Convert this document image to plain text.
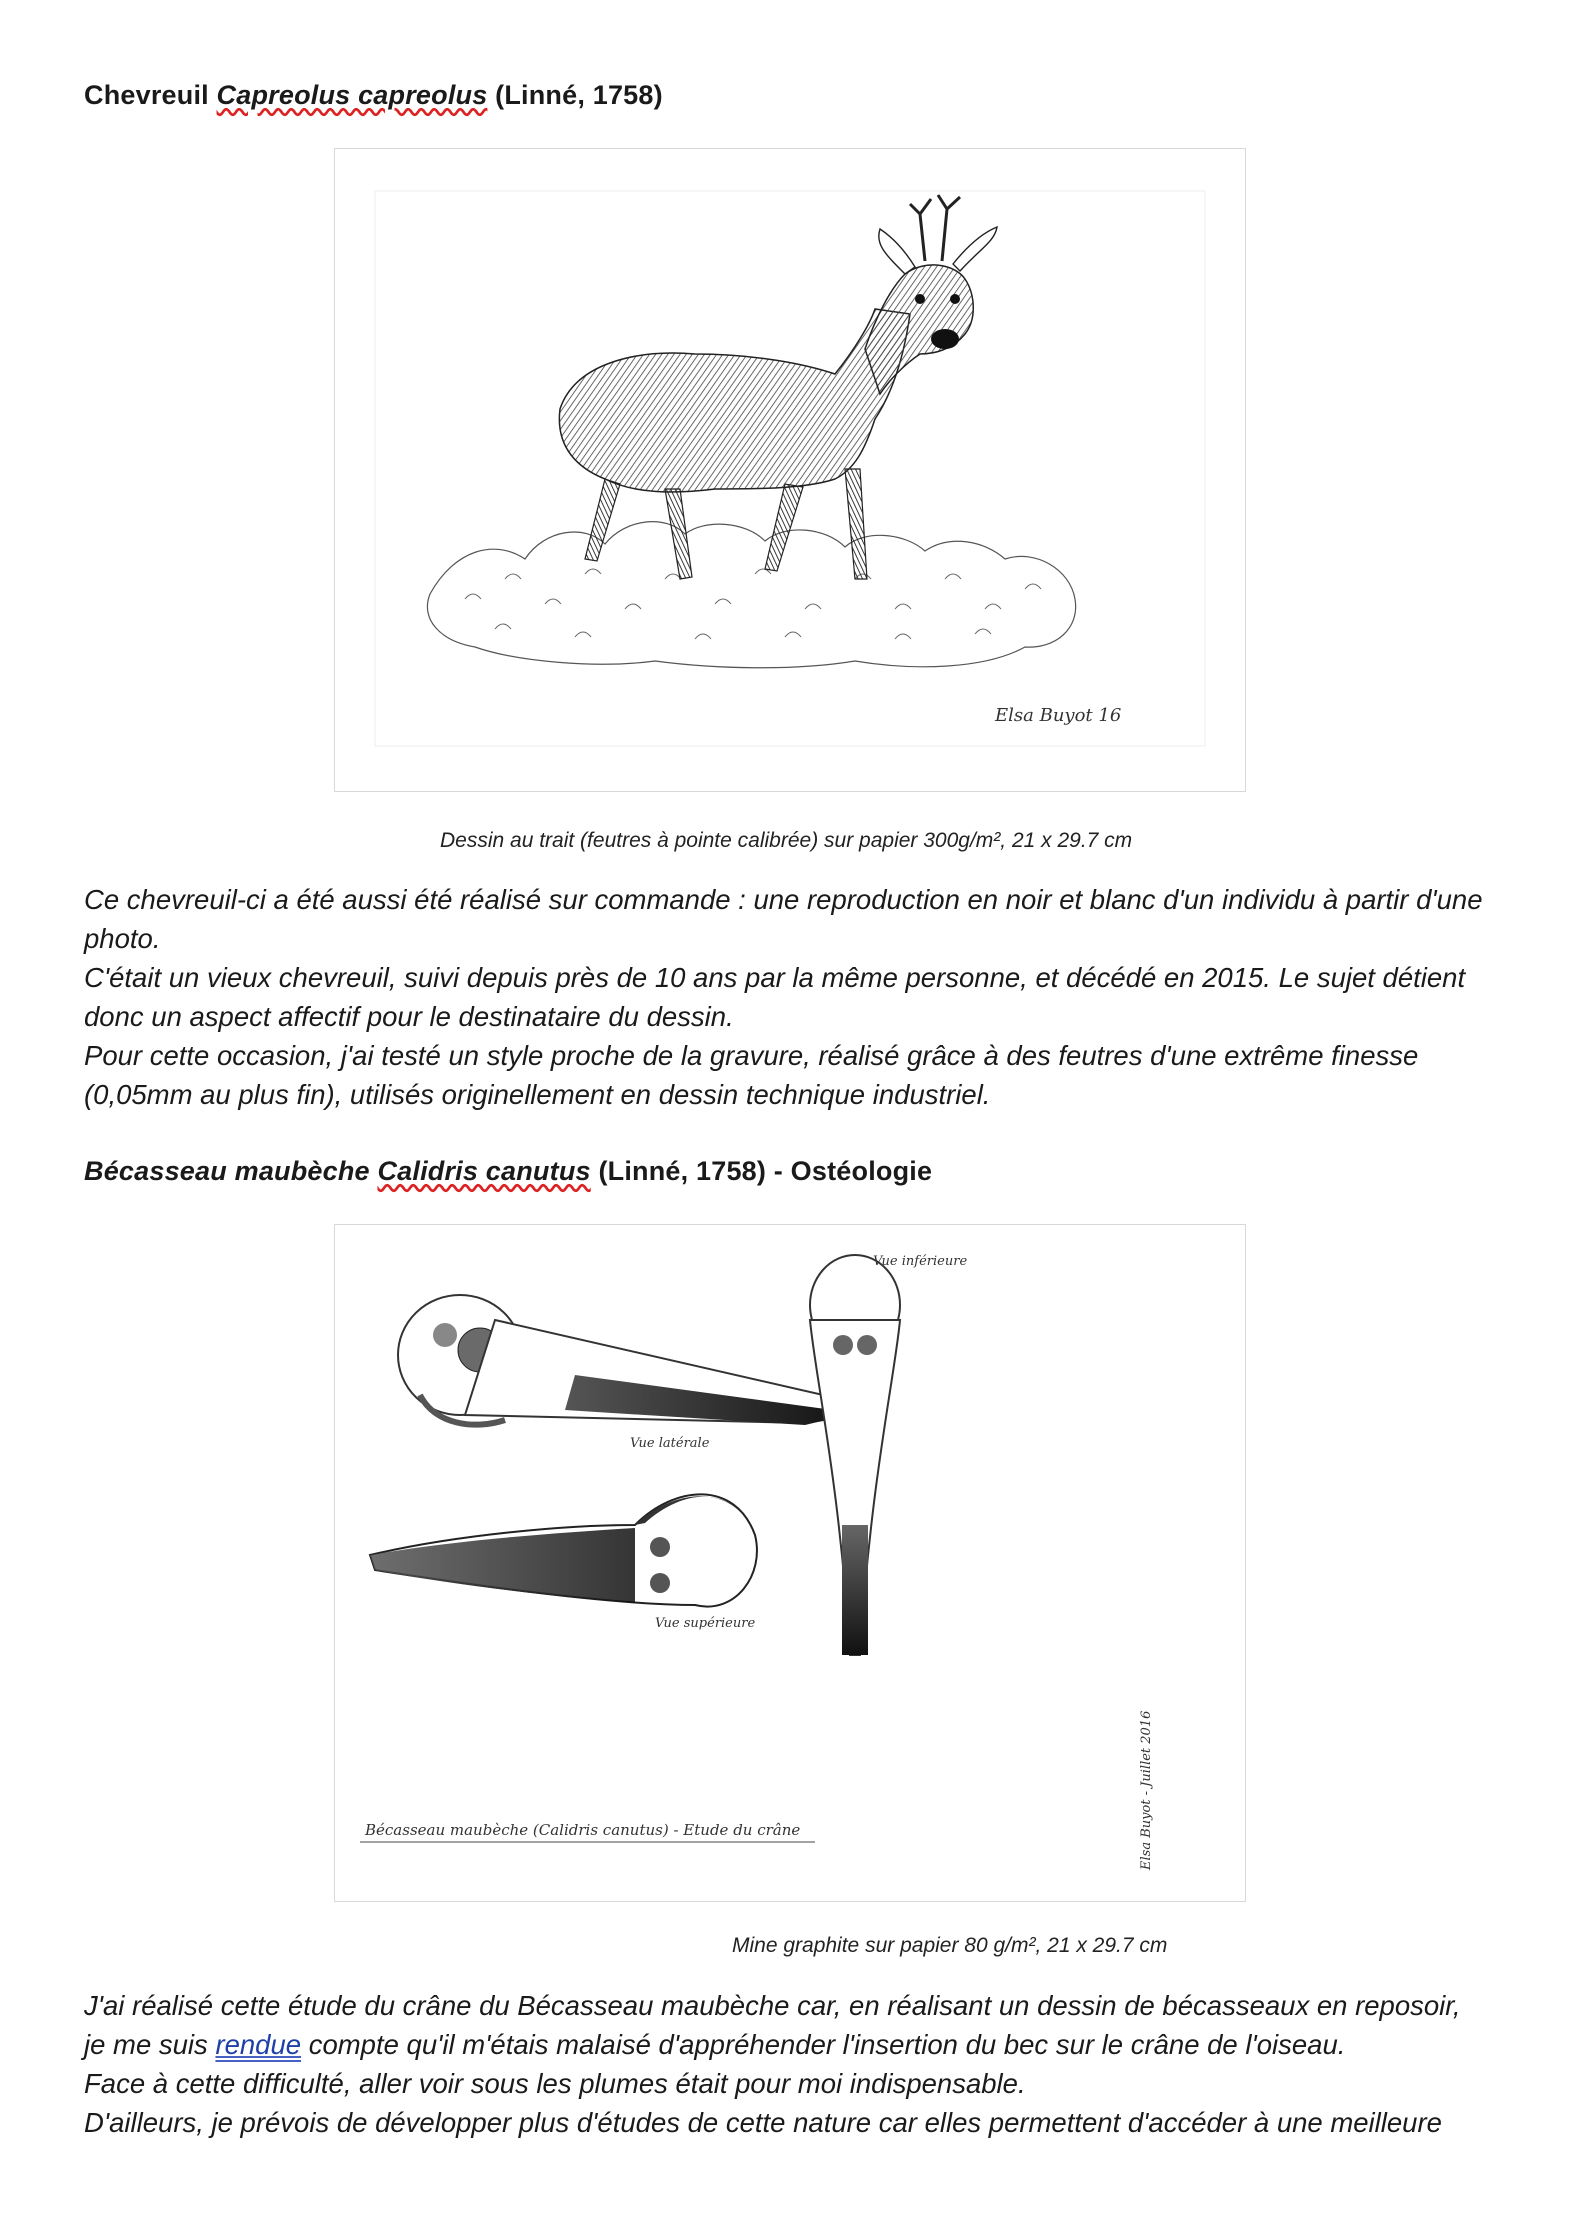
Chevreuil Capreolus capreolus (Linné, 1758)
Elsa Buyot 16
Dessin au trait (feutres à pointe calibrée) sur papier 300g/m², 21 x 29.7 cm

Ce chevreuil-ci a été aussi été réalisé sur commande : une reproduction en noir et blanc d'un individu à partir d'une photo.

C'était un vieux chevreuil, suivi depuis près de 10 ans par la même personne, et décédé en 2015. Le sujet détient donc un aspect affectif pour le destinataire du dessin.

Pour cette occasion, j'ai testé un style proche de la gravure, réalisé grâce à des feutres d'une extrême finesse (0,05mm au plus fin), utilisés originellement en dessin technique industriel.

Bécasseau maubèche Calidris canutus (Linné, 1758) - Ostéologie
Vue latérale
Vue supérieure
Vue inférieure
Bécasseau maubèche (Calidris canutus) - Etude du crâne	Elsa Buyot - Juillet 2016
Mine graphite sur papier 80 g/m², 21 x 29.7 cm

J'ai réalisé cette étude du crâne du Bécasseau maubèche car, en réalisant un dessin de bécasseaux en reposoir,

je me suis rendue compte qu'il m'étais malaisé d'appréhender l'insertion du bec sur le crâne de l'oiseau.

Face à cette difficulté, aller voir sous les plumes était pour moi indispensable.

D'ailleurs, je prévois de développer plus d'études de cette nature car elles permettent d'accéder à une meilleure
